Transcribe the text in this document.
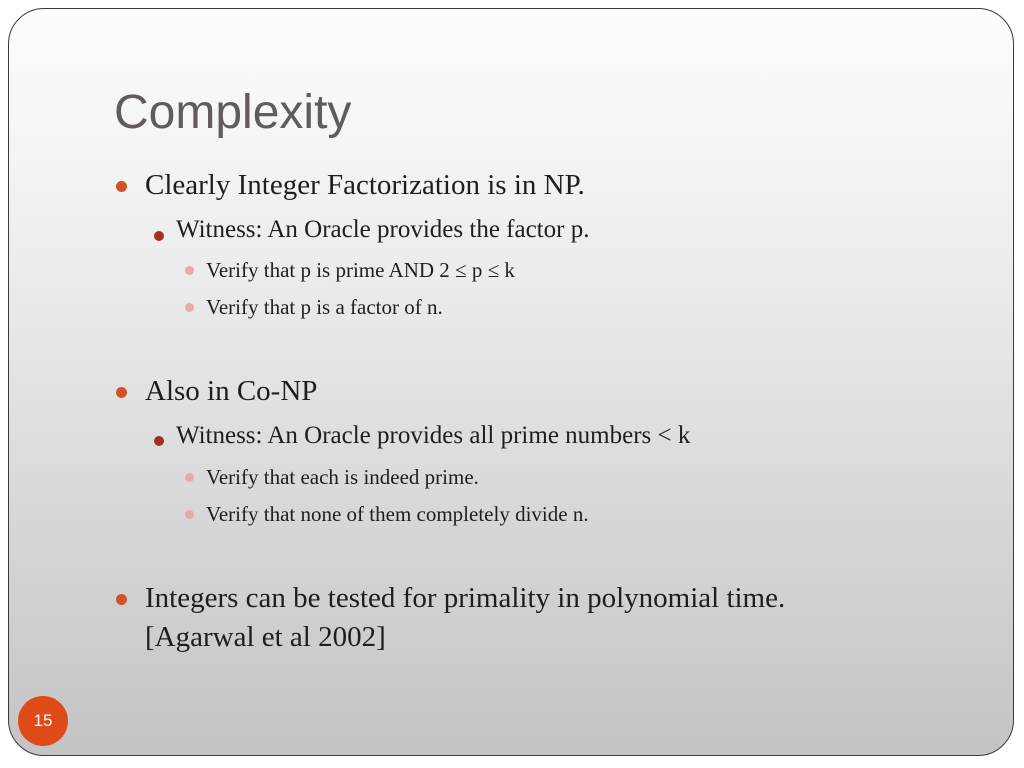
Complexity
Clearly Integer Factorization is in NP.
Witness: An Oracle provides the factor p.
Verify that p is prime AND 2 ≤ p ≤ k
Verify that p is a factor of n.
Also in Co-NP
Witness: An Oracle provides all prime numbers < k
Verify that each is indeed prime.
Verify that none of them completely divide n.
Integers can be tested for primality in polynomial time.
[Agarwal et al 2002]
15
